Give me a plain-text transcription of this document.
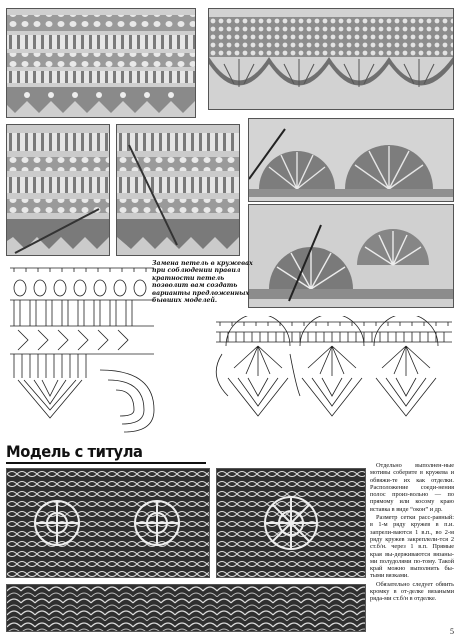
Замена петель в кружевах
при соблюдении правил
кратности петель
позволит вам создать
варианты предложенных
бывших моделей.
Модель с титула

Отдельно выполнен-ные мотивы соберите в кружева и обвяжи-те их как отделки. Расположение соеди-нения полос произ-вольно — по прямому или косому краю вставка в виде “окон” и др.

Разметр сетки расс-равный: в 1-м ряду кружев в п.и. запрели-ваются 1 в.п., во 2-м ряду кружев закреплели-тся 2 ст.б/н. через 1 в.п. Прямые края вы-держиваются вязаны-ми полудолями по-тому. Такой край можно выполнить бы-тыми вязками.

Обязательно следует обвить кромку в от-делке вязаными ряда-ми ст.б/н в отделке.

5
